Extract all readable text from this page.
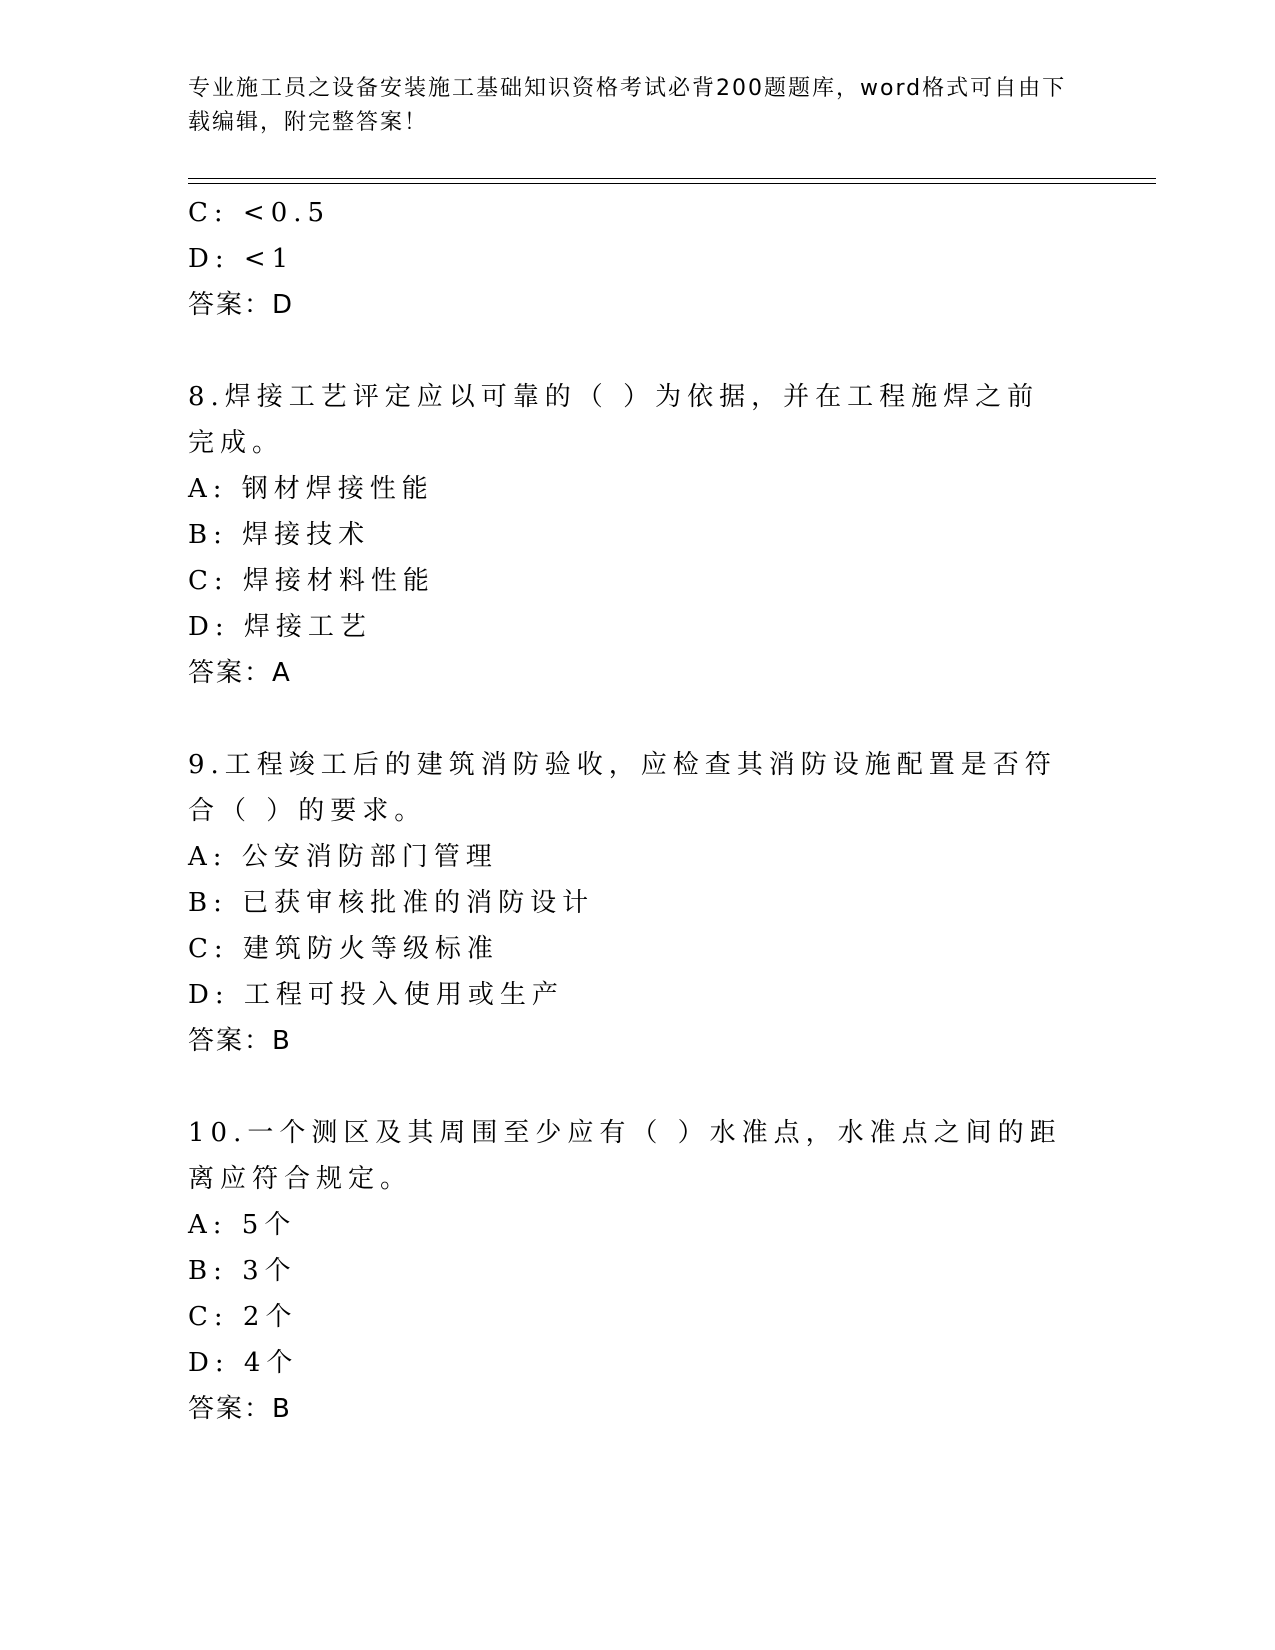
专业施工员之设备安装施工基础知识资格考试必背200题题库，word格式可自由下载编辑，附完整答案！
C: <0.5
D: <1
答案：D
8.焊接工艺评定应以可靠的（ ）为依据，并在工程施焊之前完成。
A: 钢材焊接性能
B: 焊接技术
C: 焊接材料性能
D: 焊接工艺
答案：A
9.工程竣工后的建筑消防验收，应检查其消防设施配置是否符合（ ）的要求。
A: 公安消防部门管理
B: 已获审核批准的消防设计
C: 建筑防火等级标准
D: 工程可投入使用或生产
答案：B
10.一个测区及其周围至少应有（ ）水准点，水准点之间的距离应符合规定。
A: 5个
B: 3个
C: 2个
D: 4个
答案：B
